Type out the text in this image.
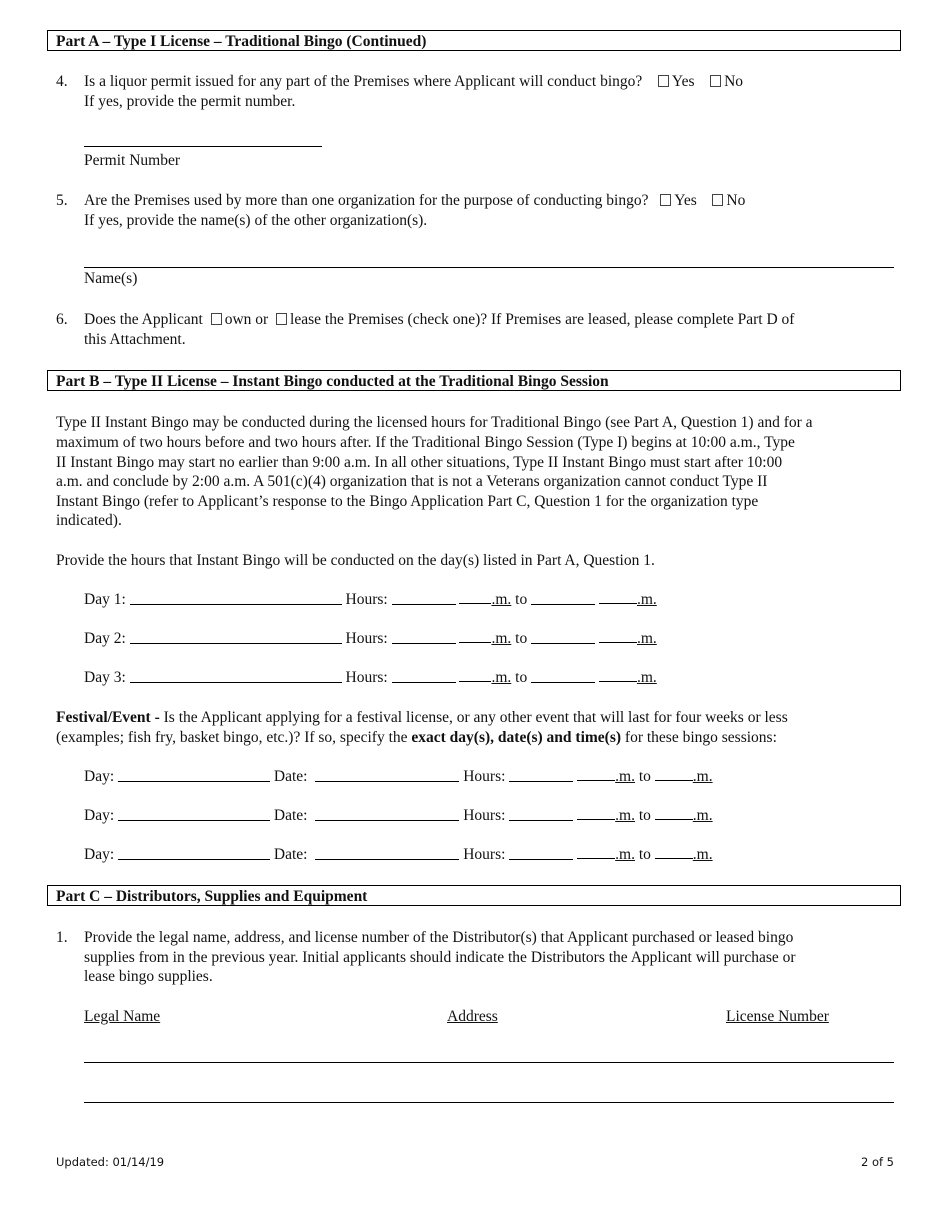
Part A – Type I License – Traditional Bingo (Continued)
4. Is a liquor permit issued for any part of the Premises where Applicant will conduct bingo? Yes No
If yes, provide the permit number.
Permit Number
5. Are the Premises used by more than one organization for the purpose of conducting bingo? Yes No
If yes, provide the name(s) of the other organization(s).
Name(s)
6. Does the Applicant own or lease the Premises (check one)? If Premises are leased, please complete Part D of
this Attachment.
Part B – Type II License – Instant Bingo conducted at the Traditional Bingo Session
Type II Instant Bingo may be conducted during the licensed hours for Traditional Bingo (see Part A, Question 1) and for a
maximum of two hours before and two hours after. If the Traditional Bingo Session (Type I) begins at 10:00 a.m., Type
II Instant Bingo may start no earlier than 9:00 a.m. In all other situations, Type II Instant Bingo must start after 10:00
a.m. and conclude by 2:00 a.m. A 501(c)(4) organization that is not a Veterans organization cannot conduct Type II
Instant Bingo (refer to Applicant’s response to the Bingo Application Part C, Question 1 for the organization type
indicated).
Provide the hours that Instant Bingo will be conducted on the day(s) listed in Part A, Question 1.
Day 1:	Hours:	.m. to	.m.
Day 2:	Hours:	.m. to	.m.
Day 3:	Hours:	.m. to	.m.
Festival/Event - Is the Applicant applying for a festival license, or any other event that will last for four weeks or less
(examples; fish fry, basket bingo, etc.)? If so, specify the exact day(s), date(s) and time(s) for these bingo sessions:
Day:	Date:	Hours:	.m. to	.m.
Day:	Date:	Hours:	.m. to	.m.
Day:	Date:	Hours:	.m. to	.m.
Part C – Distributors, Supplies and Equipment
1. Provide the legal name, address, and license number of the Distributor(s) that Applicant purchased or leased bingo
supplies from in the previous year. Initial applicants should indicate the Distributors the Applicant will purchase or
lease bingo supplies.
Legal Name	Address	License Number
Updated: 01/14/19	2 of 5
